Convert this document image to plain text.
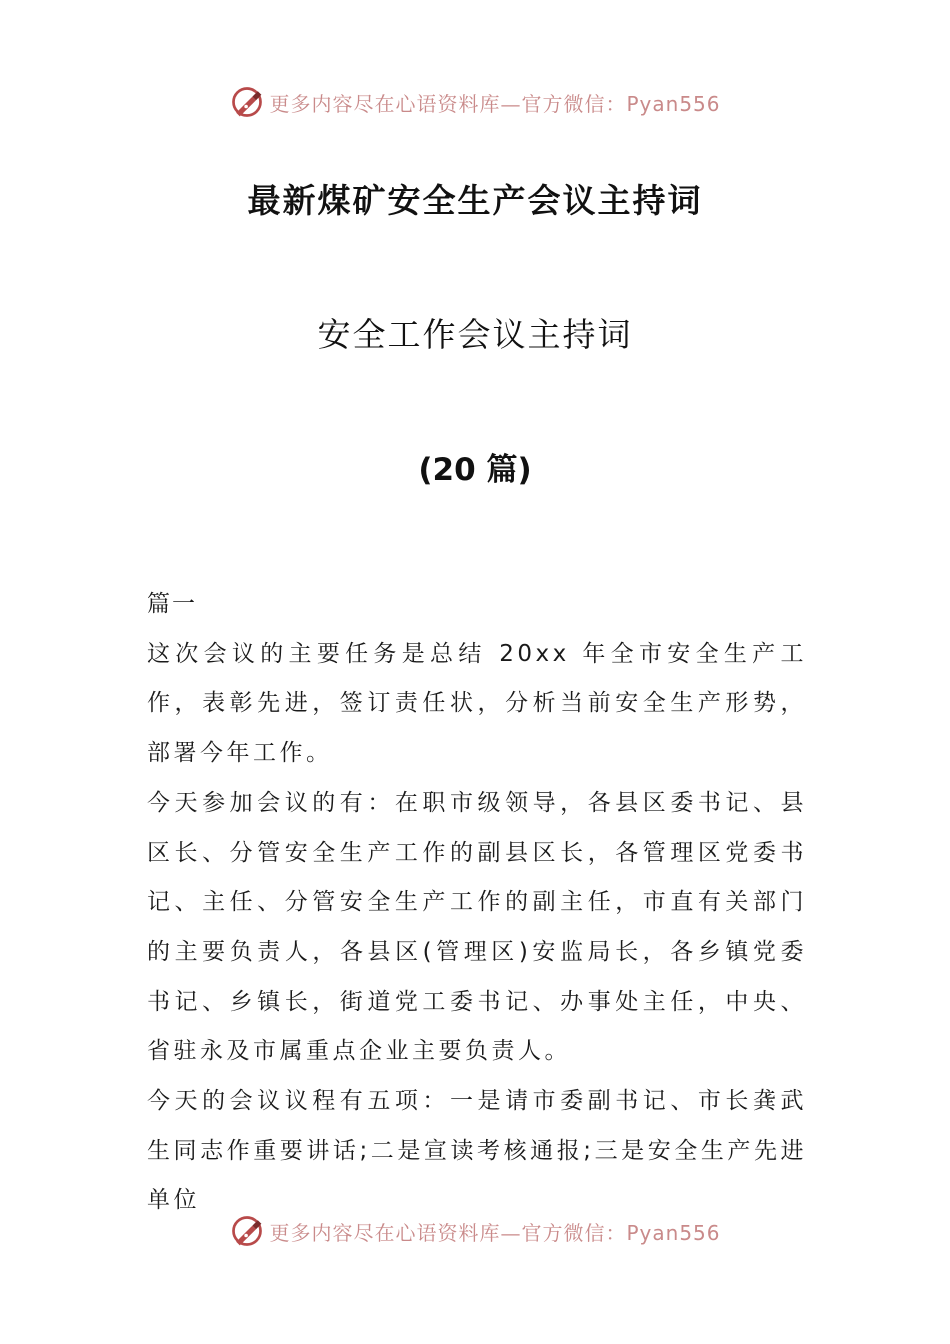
更多内容尽在心语资料库—官方微信：Pyan556
最新煤矿安全生产会议主持词
安全工作会议主持词
(20 篇)

篇一

这次会议的主要任务是总结 20xx 年全市安全生产工作，表彰先进，签订责任状，分析当前安全生产形势，部署今年工作。

今天参加会议的有：在职市级领导，各县区委书记、县区长、分管安全生产工作的副县区长，各管理区党委书记、主任、分管安全生产工作的副主任，市直有关部门的主要负责人，各县区(管理区)安监局长，各乡镇党委书记、乡镇长，街道党工委书记、办事处主任，中央、省驻永及市属重点企业主要负责人。

今天的会议议程有五项：一是请市委副书记、市长龚武生同志作重要讲话;二是宣读考核通报;三是安全生产先进单位

更多内容尽在心语资料库—官方微信：Pyan556
